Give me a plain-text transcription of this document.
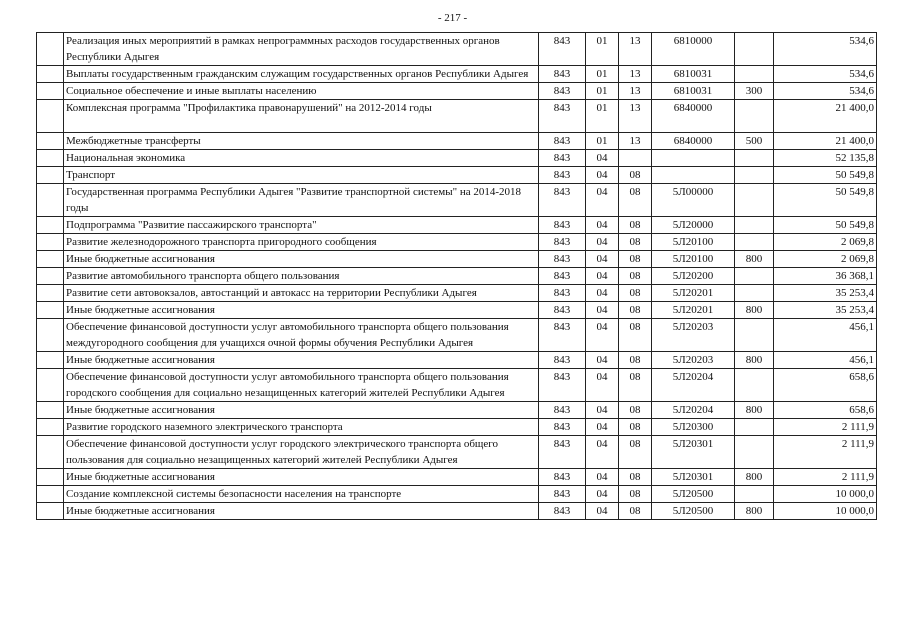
- 217 -
	Реализация иных мероприятий в рамках непрограммных расходов государственных органов Республики Адыгея	843	01	13	6810000		534,6
	Выплаты государственным гражданским служащим государственных органов Республики Адыгея	843	01	13	6810031		534,6
	Социальное обеспечение и иные выплаты населению	843	01	13	6810031	300	534,6
	Комплексная программа "Профилактика правонарушений" на 2012-2014 годы	843	01	13	6840000		21 400,0
	Межбюджетные трансферты	843	01	13	6840000	500	21 400,0
	Национальная экономика	843	04				52 135,8
	Транспорт	843	04	08			50 549,8
	Государственная программа Республики Адыгея "Развитие транспортной системы" на 2014-2018 годы	843	04	08	5Л00000		50 549,8
	Подпрограмма "Развитие пассажирского транспорта"	843	04	08	5Л20000		50 549,8
	Развитие железнодорожного транспорта пригородного сообщения	843	04	08	5Л20100		2 069,8
	Иные бюджетные ассигнования	843	04	08	5Л20100	800	2 069,8
	Развитие автомобильного транспорта общего пользования	843	04	08	5Л20200		36 368,1
	Развитие сети автовокзалов, автостанций и автокасс на территории Республики Адыгея	843	04	08	5Л20201		35 253,4
	Иные бюджетные ассигнования	843	04	08	5Л20201	800	35 253,4
	Обеспечение финансовой доступности услуг автомобильного транспорта общего пользования междугородного сообщения для учащихся очной формы обучения Республики Адыгея	843	04	08	5Л20203		456,1
	Иные бюджетные ассигнования	843	04	08	5Л20203	800	456,1
	Обеспечение финансовой доступности услуг автомобильного транспорта общего пользования городского сообщения для социально незащищенных категорий жителей Республики Адыгея	843	04	08	5Л20204		658,6
	Иные бюджетные ассигнования	843	04	08	5Л20204	800	658,6
	Развитие городского наземного электрического транспорта	843	04	08	5Л20300		2 111,9
	Обеспечение финансовой доступности услуг городского электрического транспорта общего пользования для социально незащищенных категорий жителей Республики Адыгея	843	04	08	5Л20301		2 111,9
	Иные бюджетные ассигнования	843	04	08	5Л20301	800	2 111,9
	Создание комплексной системы безопасности населения на транспорте	843	04	08	5Л20500		10 000,0
	Иные бюджетные ассигнования	843	04	08	5Л20500	800	10 000,0
